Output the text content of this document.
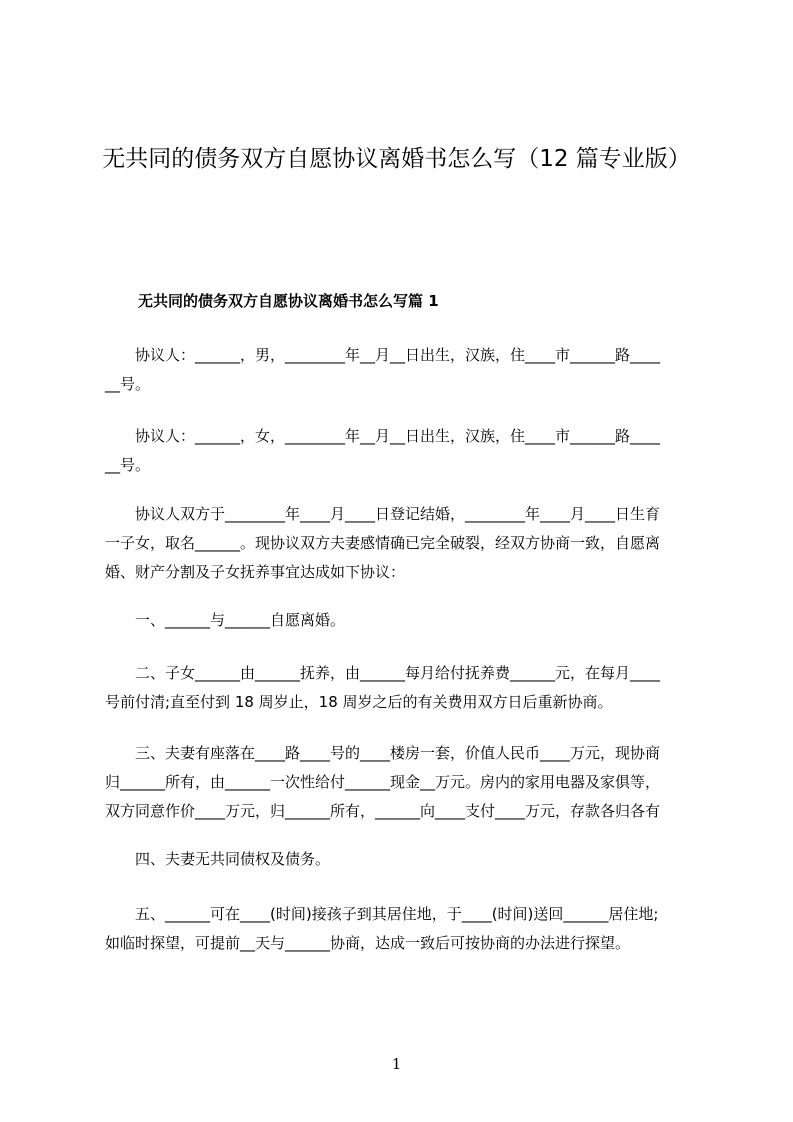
无共同的债务双方自愿协议离婚书怎么写（12 篇专业版）
无共同的债务双方自愿协议离婚书怎么写篇 1
　　协议人：______，男，________年__月__日出生，汉族，住____市______路____
__号。
　　协议人：______，女，________年__月__日出生，汉族，住____市______路____
__号。
　　协议人双方于________年____月____日登记结婚，________年____月____日生育
一子女，取名______。现协议双方夫妻感情确已完全破裂，经双方协商一致，自愿离
婚、财产分割及子女抚养事宜达成如下协议：
　　一、______与______自愿离婚。
　　二、子女______由______抚养，由______每月给付抚养费______元，在每月____
号前付清;直至付到 18 周岁止，18 周岁之后的有关费用双方日后重新协商。
　　三、夫妻有座落在____路____号的____楼房一套，价值人民币____万元，现协商
归______所有，由______一次性给付______现金__万元。房内的家用电器及家俱等，
双方同意作价____万元，归______所有，______向____支付____万元，存款各归各有
　　四、夫妻无共同债权及债务。
　　五、______可在____(时间)接孩子到其居住地，于____(时间)送回______居住地;
如临时探望，可提前__天与______协商，达成一致后可按协商的办法进行探望。
1
